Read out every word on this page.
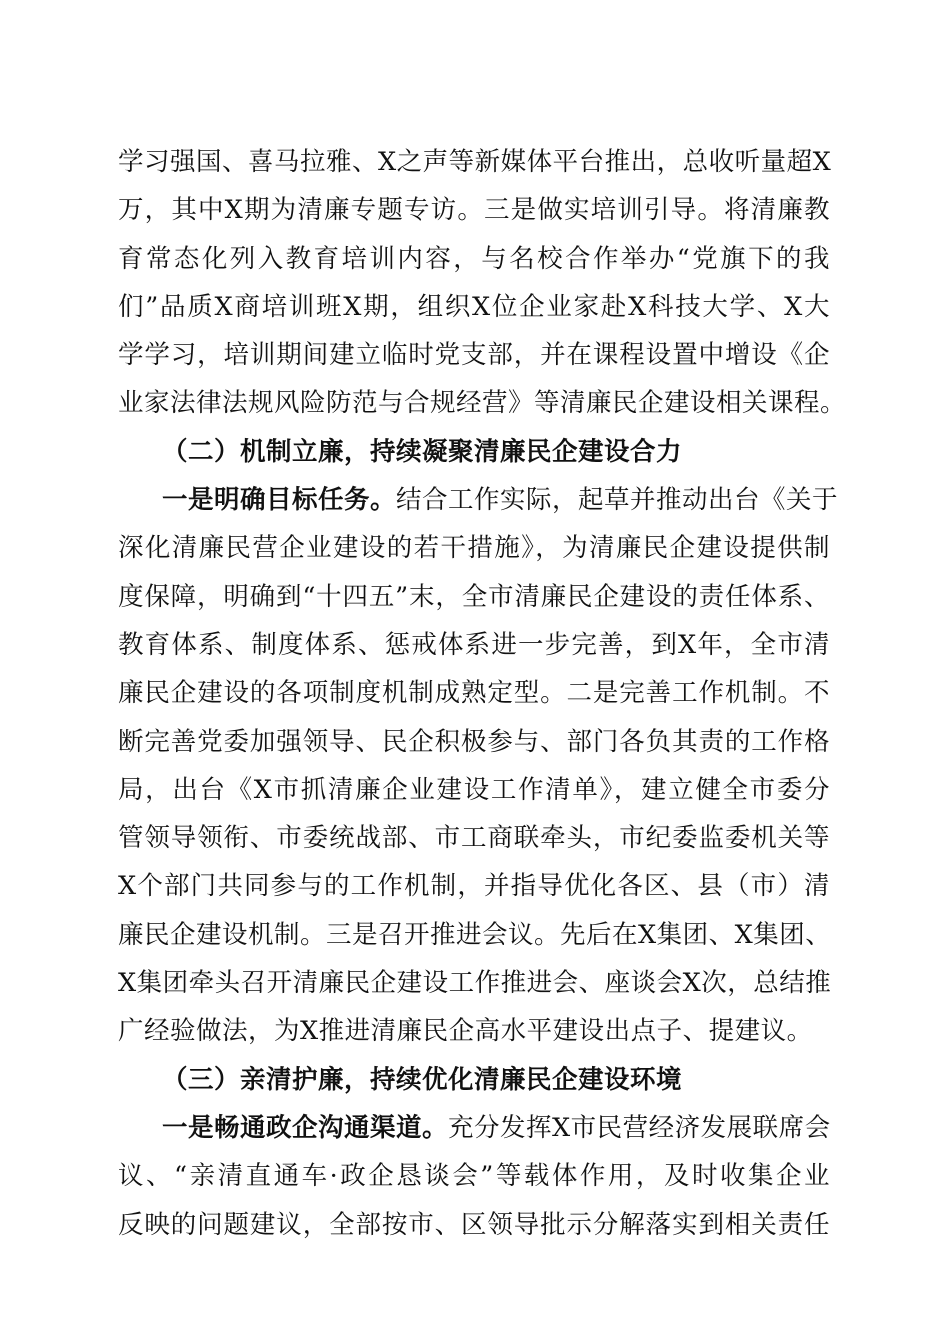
学习强国、喜马拉雅、X之声等新媒体平台推出，总收听量超X
万，其中X期为清廉专题专访。三是做实培训引导。将清廉教
育常态化列入教育培训内容，与名校合作举办“党旗下的我
们”品质X商培训班X期，组织X位企业家赴X科技大学、X大
学学习，培训期间建立临时党支部，并在课程设置中增设《企
业家法律法规风险防范与合规经营》等清廉民企建设相关课程。
（二）机制立廉，持续凝聚清廉民企建设合力
一是明确目标任务。结合工作实际，起草并推动出台《关于
深化清廉民营企业建设的若干措施》，为清廉民企建设提供制
度保障，明确到“十四五”末，全市清廉民企建设的责任体系、
教育体系、制度体系、惩戒体系进一步完善，到X年，全市清
廉民企建设的各项制度机制成熟定型。二是完善工作机制。不
断完善党委加强领导、民企积极参与、部门各负其责的工作格
局，出台《X市抓清廉企业建设工作清单》，建立健全市委分
管领导领衔、市委统战部、市工商联牵头，市纪委监委机关等
X个部门共同参与的工作机制，并指导优化各区、县（市）清
廉民企建设机制。三是召开推进会议。先后在X集团、X集团、
X集团牵头召开清廉民企建设工作推进会、座谈会X次，总结推
广经验做法，为X推进清廉民企高水平建设出点子、提建议。
（三）亲清护廉，持续优化清廉民企建设环境
一是畅通政企沟通渠道。充分发挥X市民营经济发展联席会
议、“亲清直通车·政企恳谈会”等载体作用，及时收集企业
反映的问题建议，全部按市、区领导批示分解落实到相关责任
